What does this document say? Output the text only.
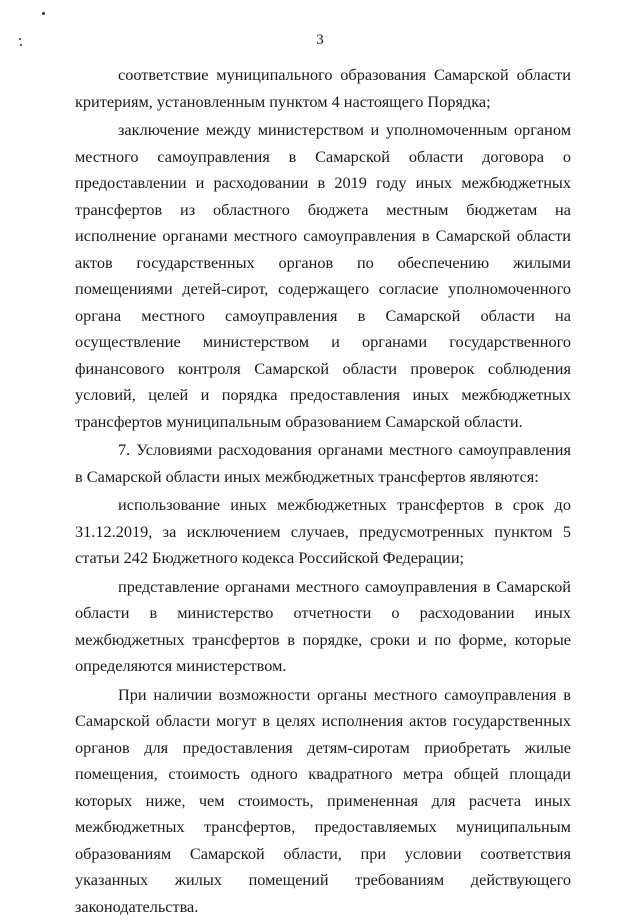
3

соответствие муниципального образования Самарской области критериям, установленным пунктом 4 настоящего Порядка;

заключение между министерством и уполномоченным органом местного самоуправления в Самарской области договора о предоставлении и расходовании в 2019 году иных межбюджетных трансфертов из областного бюджета местным бюджетам на исполнение органами местного самоуправления в Самарской области актов государственных органов по обеспечению жилыми помещениями детей-сирот, содержащего согласие уполномоченного органа местного самоуправления в Самарской области на осуществление министерством и органами государственного финансового контроля Самарской области проверок соблюдения условий, целей и порядка предоставления иных межбюджетных трансфертов муниципальным образованием Самарской области.

7. Условиями расходования органами местного самоуправления в Самарской области иных межбюджетных трансфертов являются:

использование иных межбюджетных трансфертов в срок до 31.12.2019, за исключением случаев, предусмотренных пунктом 5 статьи 242 Бюджетного кодекса Российской Федерации;

представление органами местного самоуправления в Самарской области в министерство отчетности о расходовании иных межбюджетных трансфертов в порядке, сроки и по форме, которые определяются министерством.

При наличии возможности органы местного самоуправления в Самарской области могут в целях исполнения актов государственных органов для предоставления детям-сиротам приобретать жилые помещения, стоимость одного квадратного метра общей площади которых ниже, чем стоимость, примененная для расчета иных межбюджетных трансфертов, предоставляемых муниципальным образованиям Самарской области, при условии соответствия указанных жилых помещений требованиям действующего законодательства.
